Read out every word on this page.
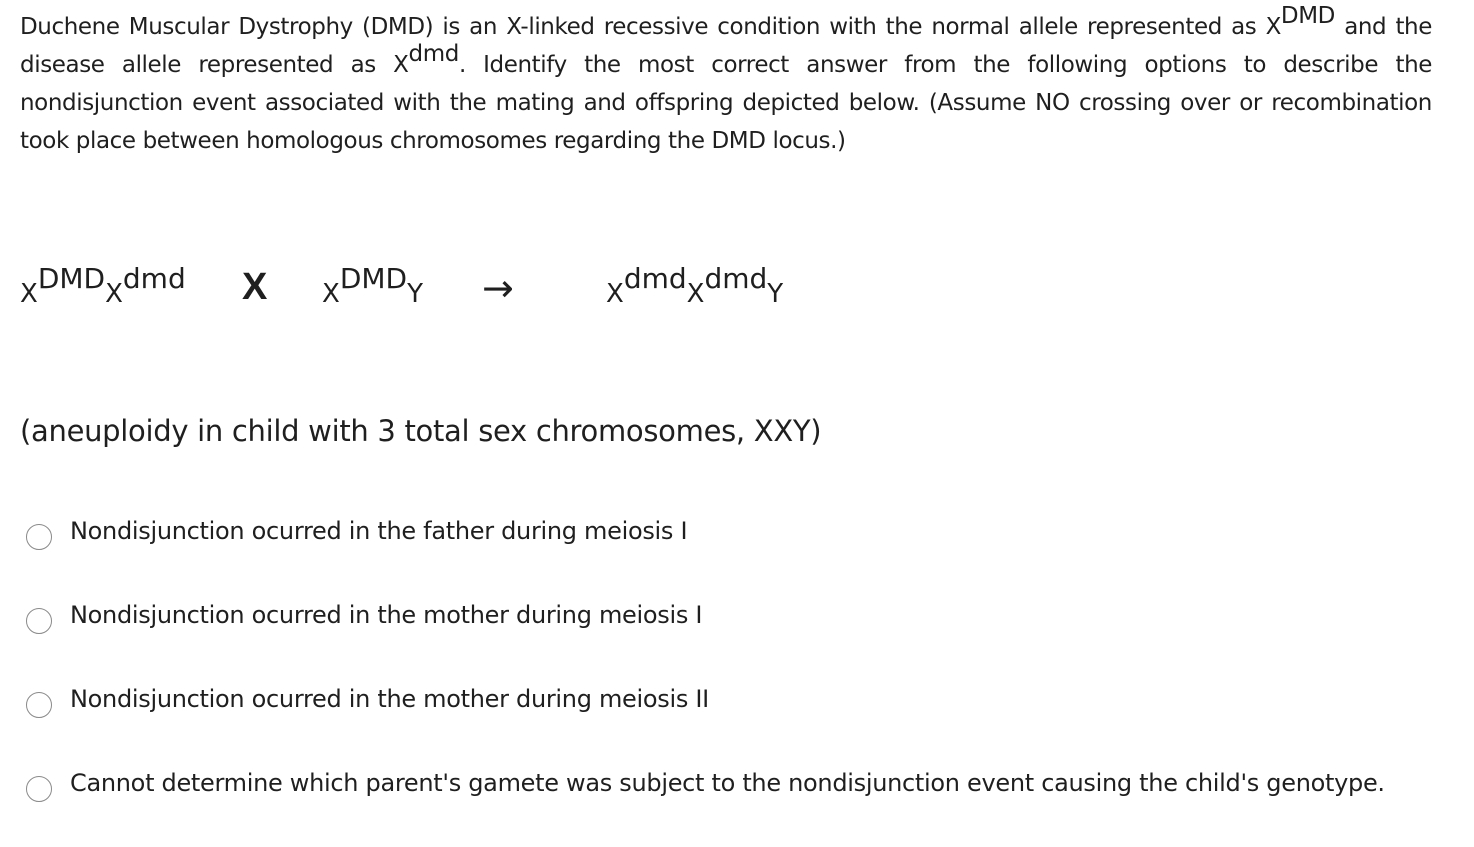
Duchene Muscular Dystrophy (DMD) is an X-linked recessive condition with the normal allele represented as $X^{DMD}$ and the disease allele represented as $X^{dmd}$. Identify the most correct answer from the following options to describe the nondisjunction event associated with the mating and offspring depicted below. (Assume NO crossing over or recombination took place between homologous chromosomes regarding the DMD locus.)
XDMDXdmd X XDMDY →	XdmdXdmdY
(aneuploidy in child with 3 total sex chromosomes, XXY)
Nondisjunction ocurred in the father during meiosis I
Nondisjunction ocurred in the mother during meiosis I
Nondisjunction ocurred in the mother during meiosis II
Cannot determine which parent's gamete was subject to the nondisjunction event causing the child's genotype.
